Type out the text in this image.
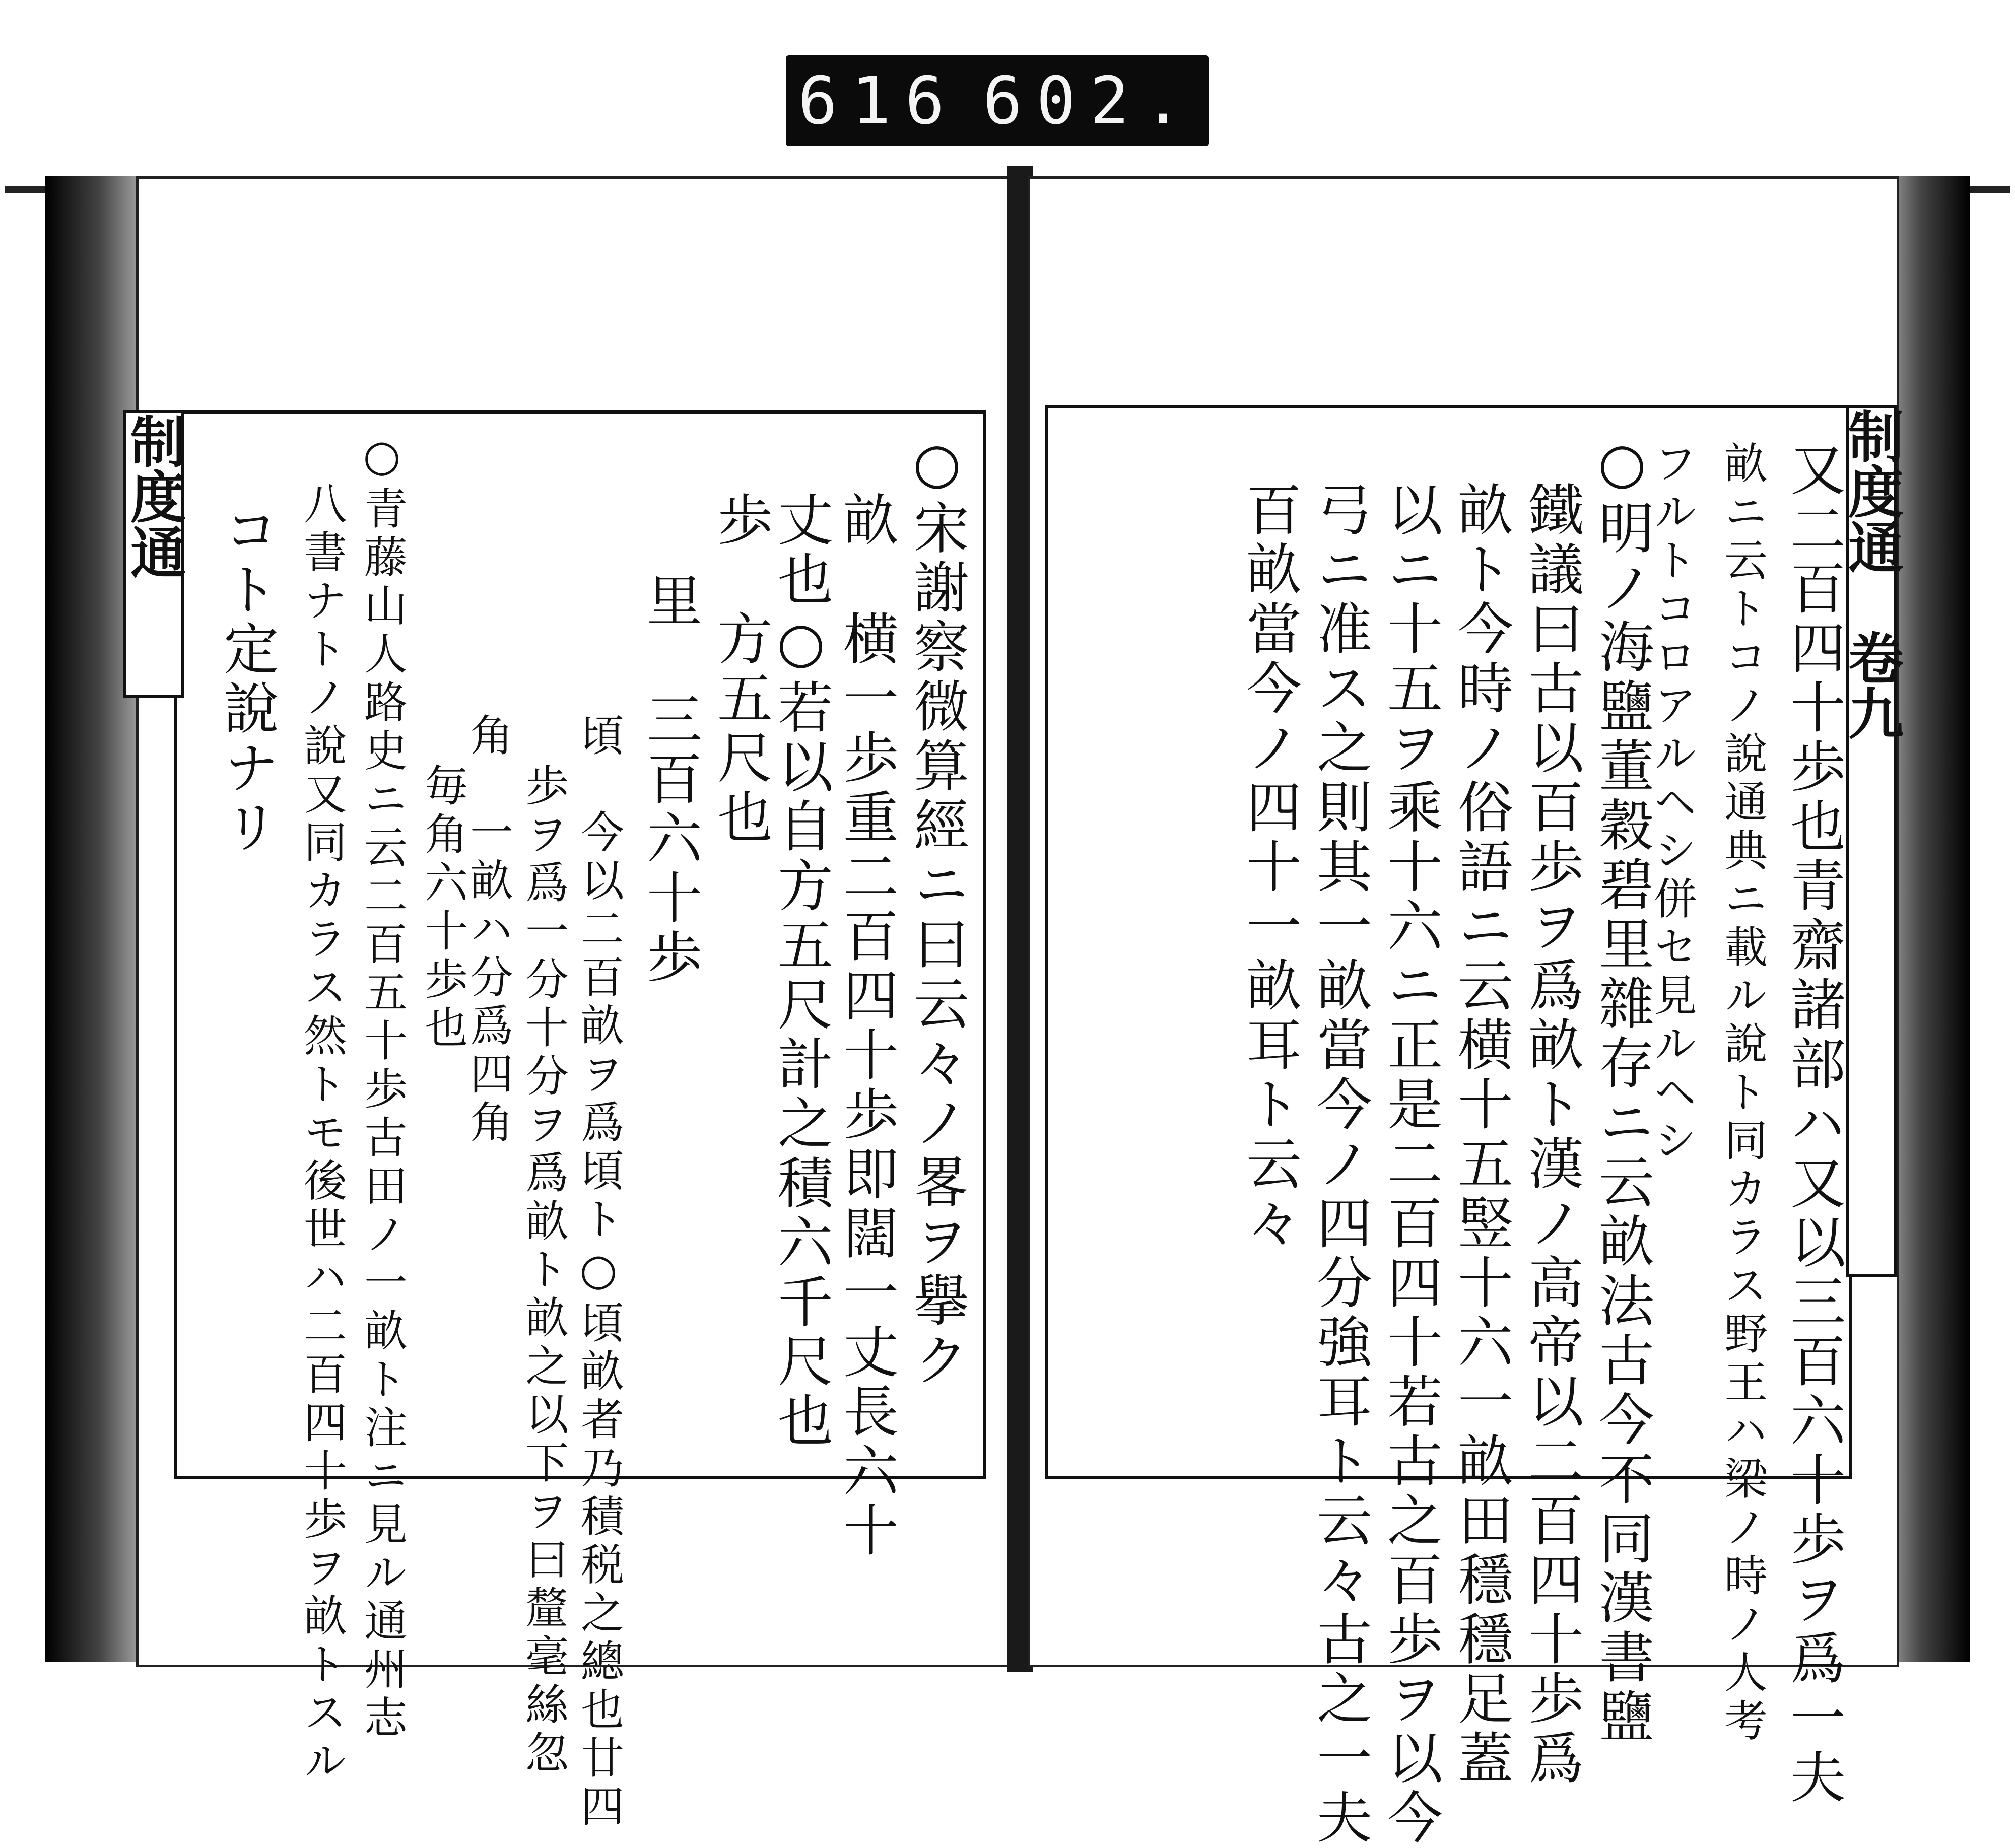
616 602.
制度通	○宋謝察微算經ニ曰云々ノ畧ヲ擧ク
畝　横一歩重二百四十歩即闊一丈長六十
丈也○若以自方五尺計之積六千尺也
歩　方五尺也
里　三百六十歩
頃　今以二百畝ヲ爲頃ト○頃畝者乃積税之總也廿四
歩ヲ爲一分十分ヲ爲畝ト畝之以下ヲ曰釐毫絲忽
角　一畝ハ分爲四角
毎角六十歩也
○青藤山人路史ニ云二百五十歩古田ノ一畝ト注ニ見ル通州志
八書ナトノ說又同カラス然トモ後世ハ二百四十歩ヲ畝トスル
コト定說ナリ	制度通　卷九
又二百四十歩也青齋諸部ハ又以三百六十歩ヲ爲一夫
畝ニ云トコノ說通典ニ載ル說ト同カラス野王ハ梁ノ時ノ人考
フルトコロアルヘシ併セ見ルヘシ
○明ノ海鹽董穀碧里雜存ニ云畝法古今不同漢書鹽
鐵議曰古以百歩ヲ爲畝ト漢ノ高帝以二百四十歩爲
畝ト今時ノ俗語ニ云横十五竪十六一畝田穩穩足蓋
以ニ十五ヲ乘十六ニ正是二百四十若古之百歩ヲ以今
弓ニ准ス之則其一畝當今ノ四分強耳ト云々古之一夫
百畝當今ノ四十一畝耳ト云々
